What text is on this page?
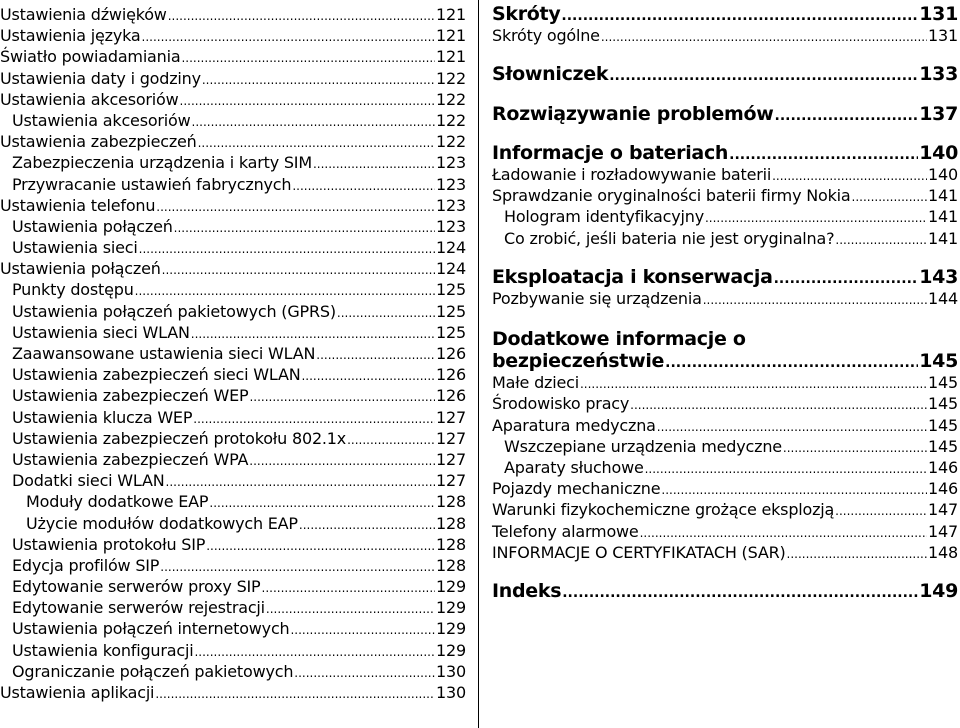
Ustawienia dźwięków .....	121
Ustawienia języka .....	121
Światło powiadamiania .....	121
Ustawienia daty i godziny .....	122
Ustawienia akcesoriów .....	122
Ustawienia akcesoriów .....	122
Ustawienia zabezpieczeń .....	122
Zabezpieczenia urządzenia i karty SIM .....	123
Przywracanie ustawień fabrycznych .....	123
Ustawienia telefonu .....	123
Ustawienia połączeń .....	123
Ustawienia sieci .....	124
Ustawienia połączeń .....	124
Punkty dostępu .....	125
Ustawienia połączeń pakietowych (GPRS) .....	125
Ustawienia sieci WLAN .....	125
Zaawansowane ustawienia sieci WLAN .....	126
Ustawienia zabezpieczeń sieci WLAN .....	126
Ustawienia zabezpieczeń WEP .....	126
Ustawienia klucza WEP .....	127
Ustawienia zabezpieczeń protokołu 802.1x .....	127
Ustawienia zabezpieczeń WPA .....	127
Dodatki sieci WLAN .....	127
Moduły dodatkowe EAP .....	128
Użycie modułów dodatkowych EAP .....	128
Ustawienia protokołu SIP .....	128
Edycja profilów SIP .....	128
Edytowanie serwerów proxy SIP .....	129
Edytowanie serwerów rejestracji .....	129
Ustawienia połączeń internetowych .....	129
Ustawienia konfiguracji .....	129
Ograniczanie połączeń pakietowych .....	130
Ustawienia aplikacji .....	130
Skróty .....	131
Skróty ogólne .....	131
Słowniczek .....	133
Rozwiązywanie problemów .....	137
Informacje o bateriach .....	140
Ładowanie i rozładowywanie baterii .....	140
Sprawdzanie oryginalności baterii firmy Nokia .....	141
Hologram identyfikacyjny .....	141
Co zrobić, jeśli bateria nie jest oryginalna? .....	141
Eksploatacja i konserwacja .....	143
Pozbywanie się urządzenia .....	144
Dodatkowe informacje o
bezpieczeństwie .....	145
Małe dzieci .....	145
Środowisko pracy .....	145
Aparatura medyczna .....	145
Wszczepiane urządzenia medyczne .....	145
Aparaty słuchowe .....	146
Pojazdy mechaniczne .....	146
Warunki fizykochemiczne grożące eksplozją .....	147
Telefony alarmowe .....	147
INFORMACJE O CERTYFIKATACH (SAR) .....	148
Indeks .....	149
